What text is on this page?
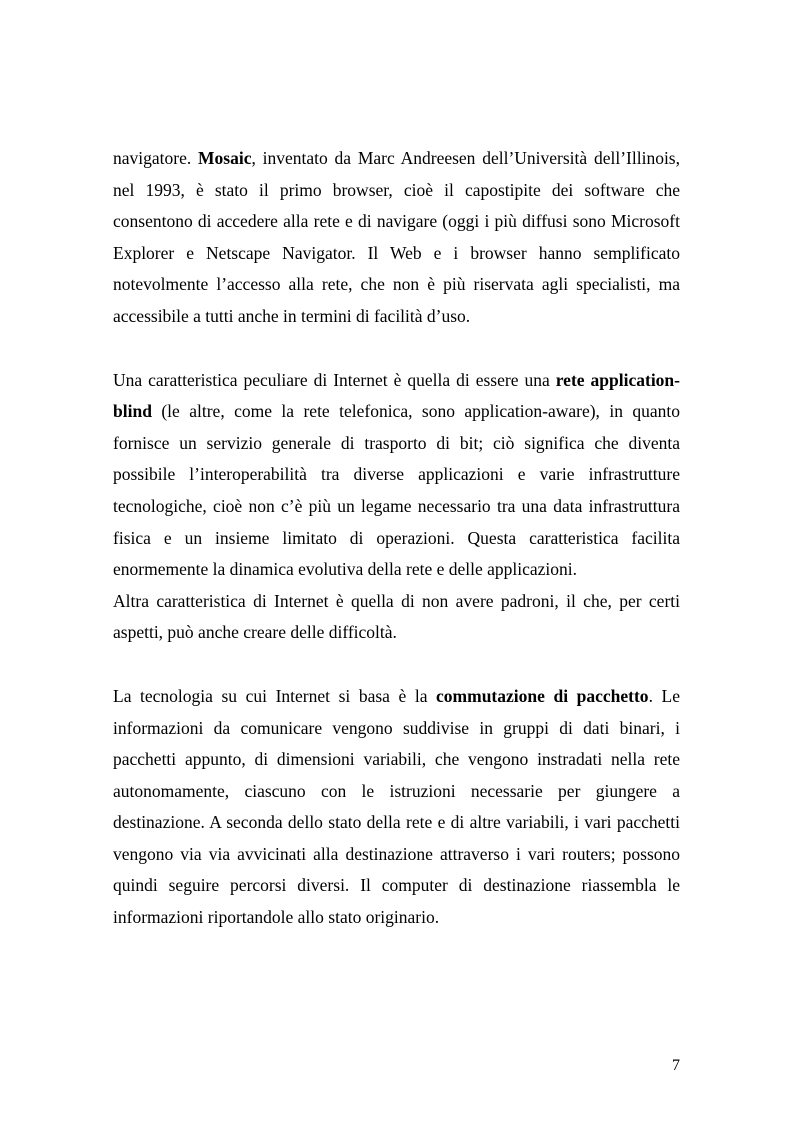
navigatore. Mosaic, inventato da Marc Andreesen dell’Università dell’Illinois, nel 1993, è stato il primo browser, cioè il capostipite dei software che consentono di accedere alla rete e di navigare (oggi i più diffusi sono Microsoft Explorer e Netscape Navigator. Il Web e i browser hanno semplificato notevolmente l’accesso alla rete, che non è più riservata agli specialisti, ma accessibile a tutti anche in termini di facilità d’uso.

Una caratteristica peculiare di Internet è quella di essere una rete application-blind (le altre, come la rete telefonica, sono application-aware), in quanto fornisce un servizio generale di trasporto di bit; ciò significa che diventa possibile l’interoperabilità tra diverse applicazioni e varie infrastrutture tecnologiche, cioè non c’è più un legame necessario tra una data infrastruttura fisica e un insieme limitato di operazioni. Questa caratteristica facilita enormemente la dinamica evolutiva della rete e delle applicazioni.

Altra caratteristica di Internet è quella di non avere padroni, il che, per certi aspetti, può anche creare delle difficoltà.

La tecnologia su cui Internet si basa è la commutazione di pacchetto. Le informazioni da comunicare vengono suddivise in gruppi di dati binari, i pacchetti appunto, di dimensioni variabili, che vengono instradati nella rete autonomamente, ciascuno con le istruzioni necessarie per giungere a destinazione. A seconda dello stato della rete e di altre variabili, i vari pacchetti vengono via via avvicinati alla destinazione attraverso i vari routers; possono quindi seguire percorsi diversi. Il computer di destinazione riassembla le informazioni riportandole allo stato originario.

7
